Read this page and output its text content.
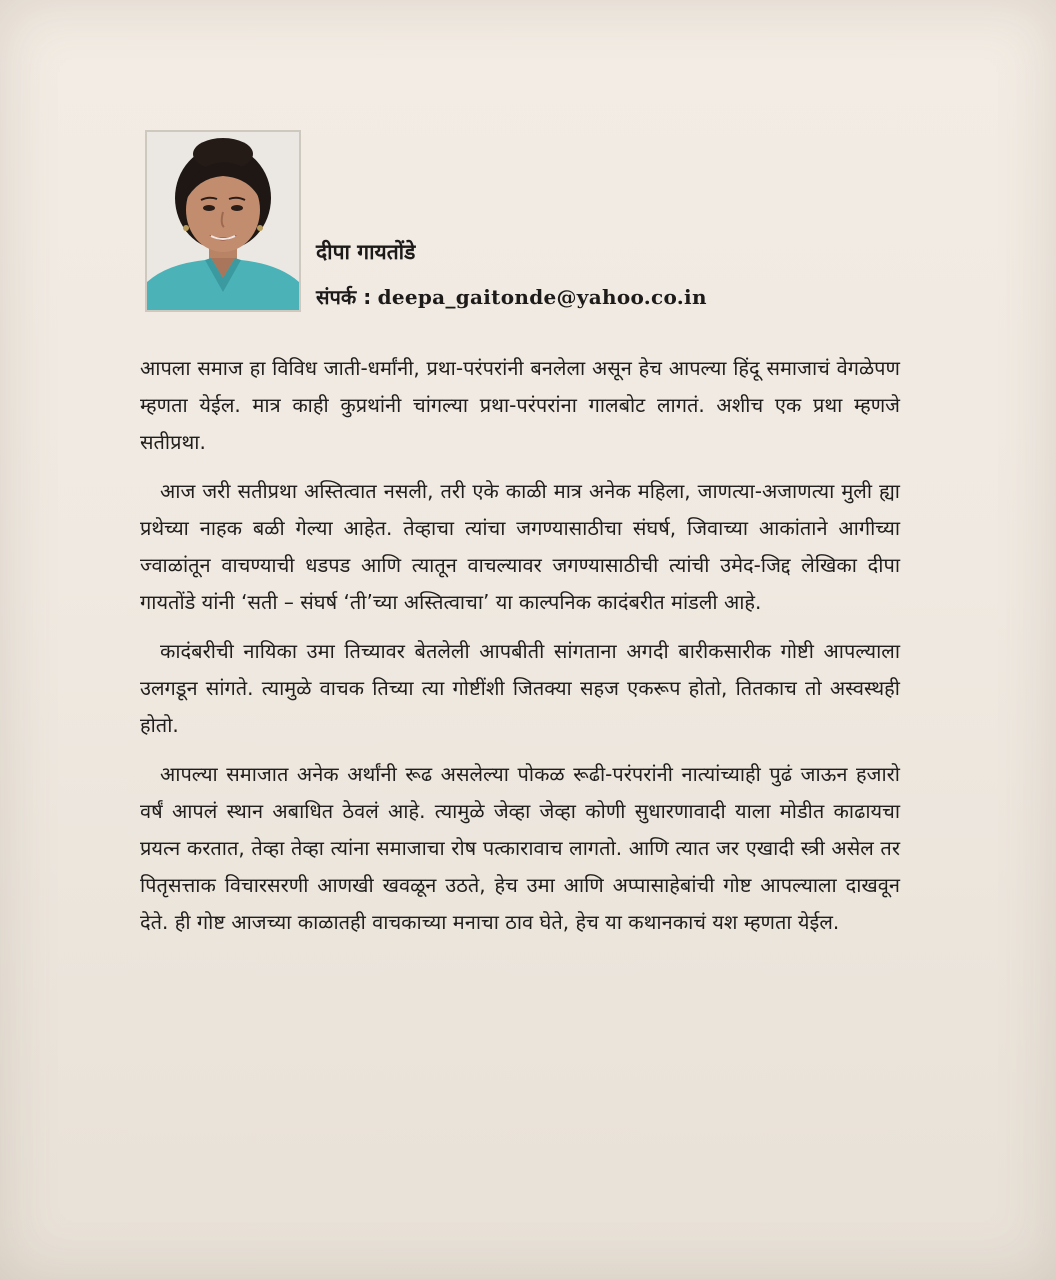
दीपा गायतोंडे
संपर्क : deepa_gaitonde@yahoo.co.in

आपला समाज हा विविध जाती-धर्मांनी, प्रथा-परंपरांनी बनलेला असून हेच आपल्या हिंदू समाजाचं वेगळेपण म्हणता येईल. मात्र काही कुप्रथांनी चांगल्या प्रथा-परंपरांना गालबोट लागतं. अशीच एक प्रथा म्हणजे सतीप्रथा.

आज जरी सतीप्रथा अस्तित्वात नसली, तरी एके काळी मात्र अनेक महिला, जाणत्या-अजाणत्या मुली ह्या प्रथेच्या नाहक बळी गेल्या आहेत. तेव्हाचा त्यांचा जगण्यासाठीचा संघर्ष, जिवाच्या आकांताने आगीच्या ज्वाळांतून वाचण्याची धडपड आणि त्यातून वाचल्यावर जगण्यासाठीची त्यांची उमेद-जिद्द लेखिका दीपा गायतोंडे यांनी ‘सती – संघर्ष ‘ती’च्या अस्तित्वाचा’ या काल्पनिक कादंबरीत मांडली आहे.

कादंबरीची नायिका उमा तिच्यावर बेतलेली आपबीती सांगताना अगदी बारीकसारीक गोष्टी आपल्याला उलगडून सांगते. त्यामुळे वाचक तिच्या त्या गोष्टींशी जितक्या सहज एकरूप होतो, तितकाच तो अस्वस्थही होतो.

आपल्या समाजात अनेक अर्थांनी रूढ असलेल्या पोकळ रूढी-परंपरांनी नात्यांच्याही पुढं जाऊन हजारो वर्षं आपलं स्थान अबाधित ठेवलं आहे. त्यामुळे जेव्हा जेव्हा कोणी सुधारणावादी याला मोडीत काढायचा प्रयत्न करतात, तेव्हा तेव्हा त्यांना समाजाचा रोष पत्कारावाच लागतो. आणि त्यात जर एखादी स्त्री असेल तर पितृसत्ताक विचारसरणी आणखी खवळून उठते, हेच उमा आणि अप्पासाहेबांची गोष्ट आपल्याला दाखवून देते. ही गोष्ट आजच्या काळातही वाचकाच्या मनाचा ठाव घेते, हेच या कथानकाचं यश म्हणता येईल.
